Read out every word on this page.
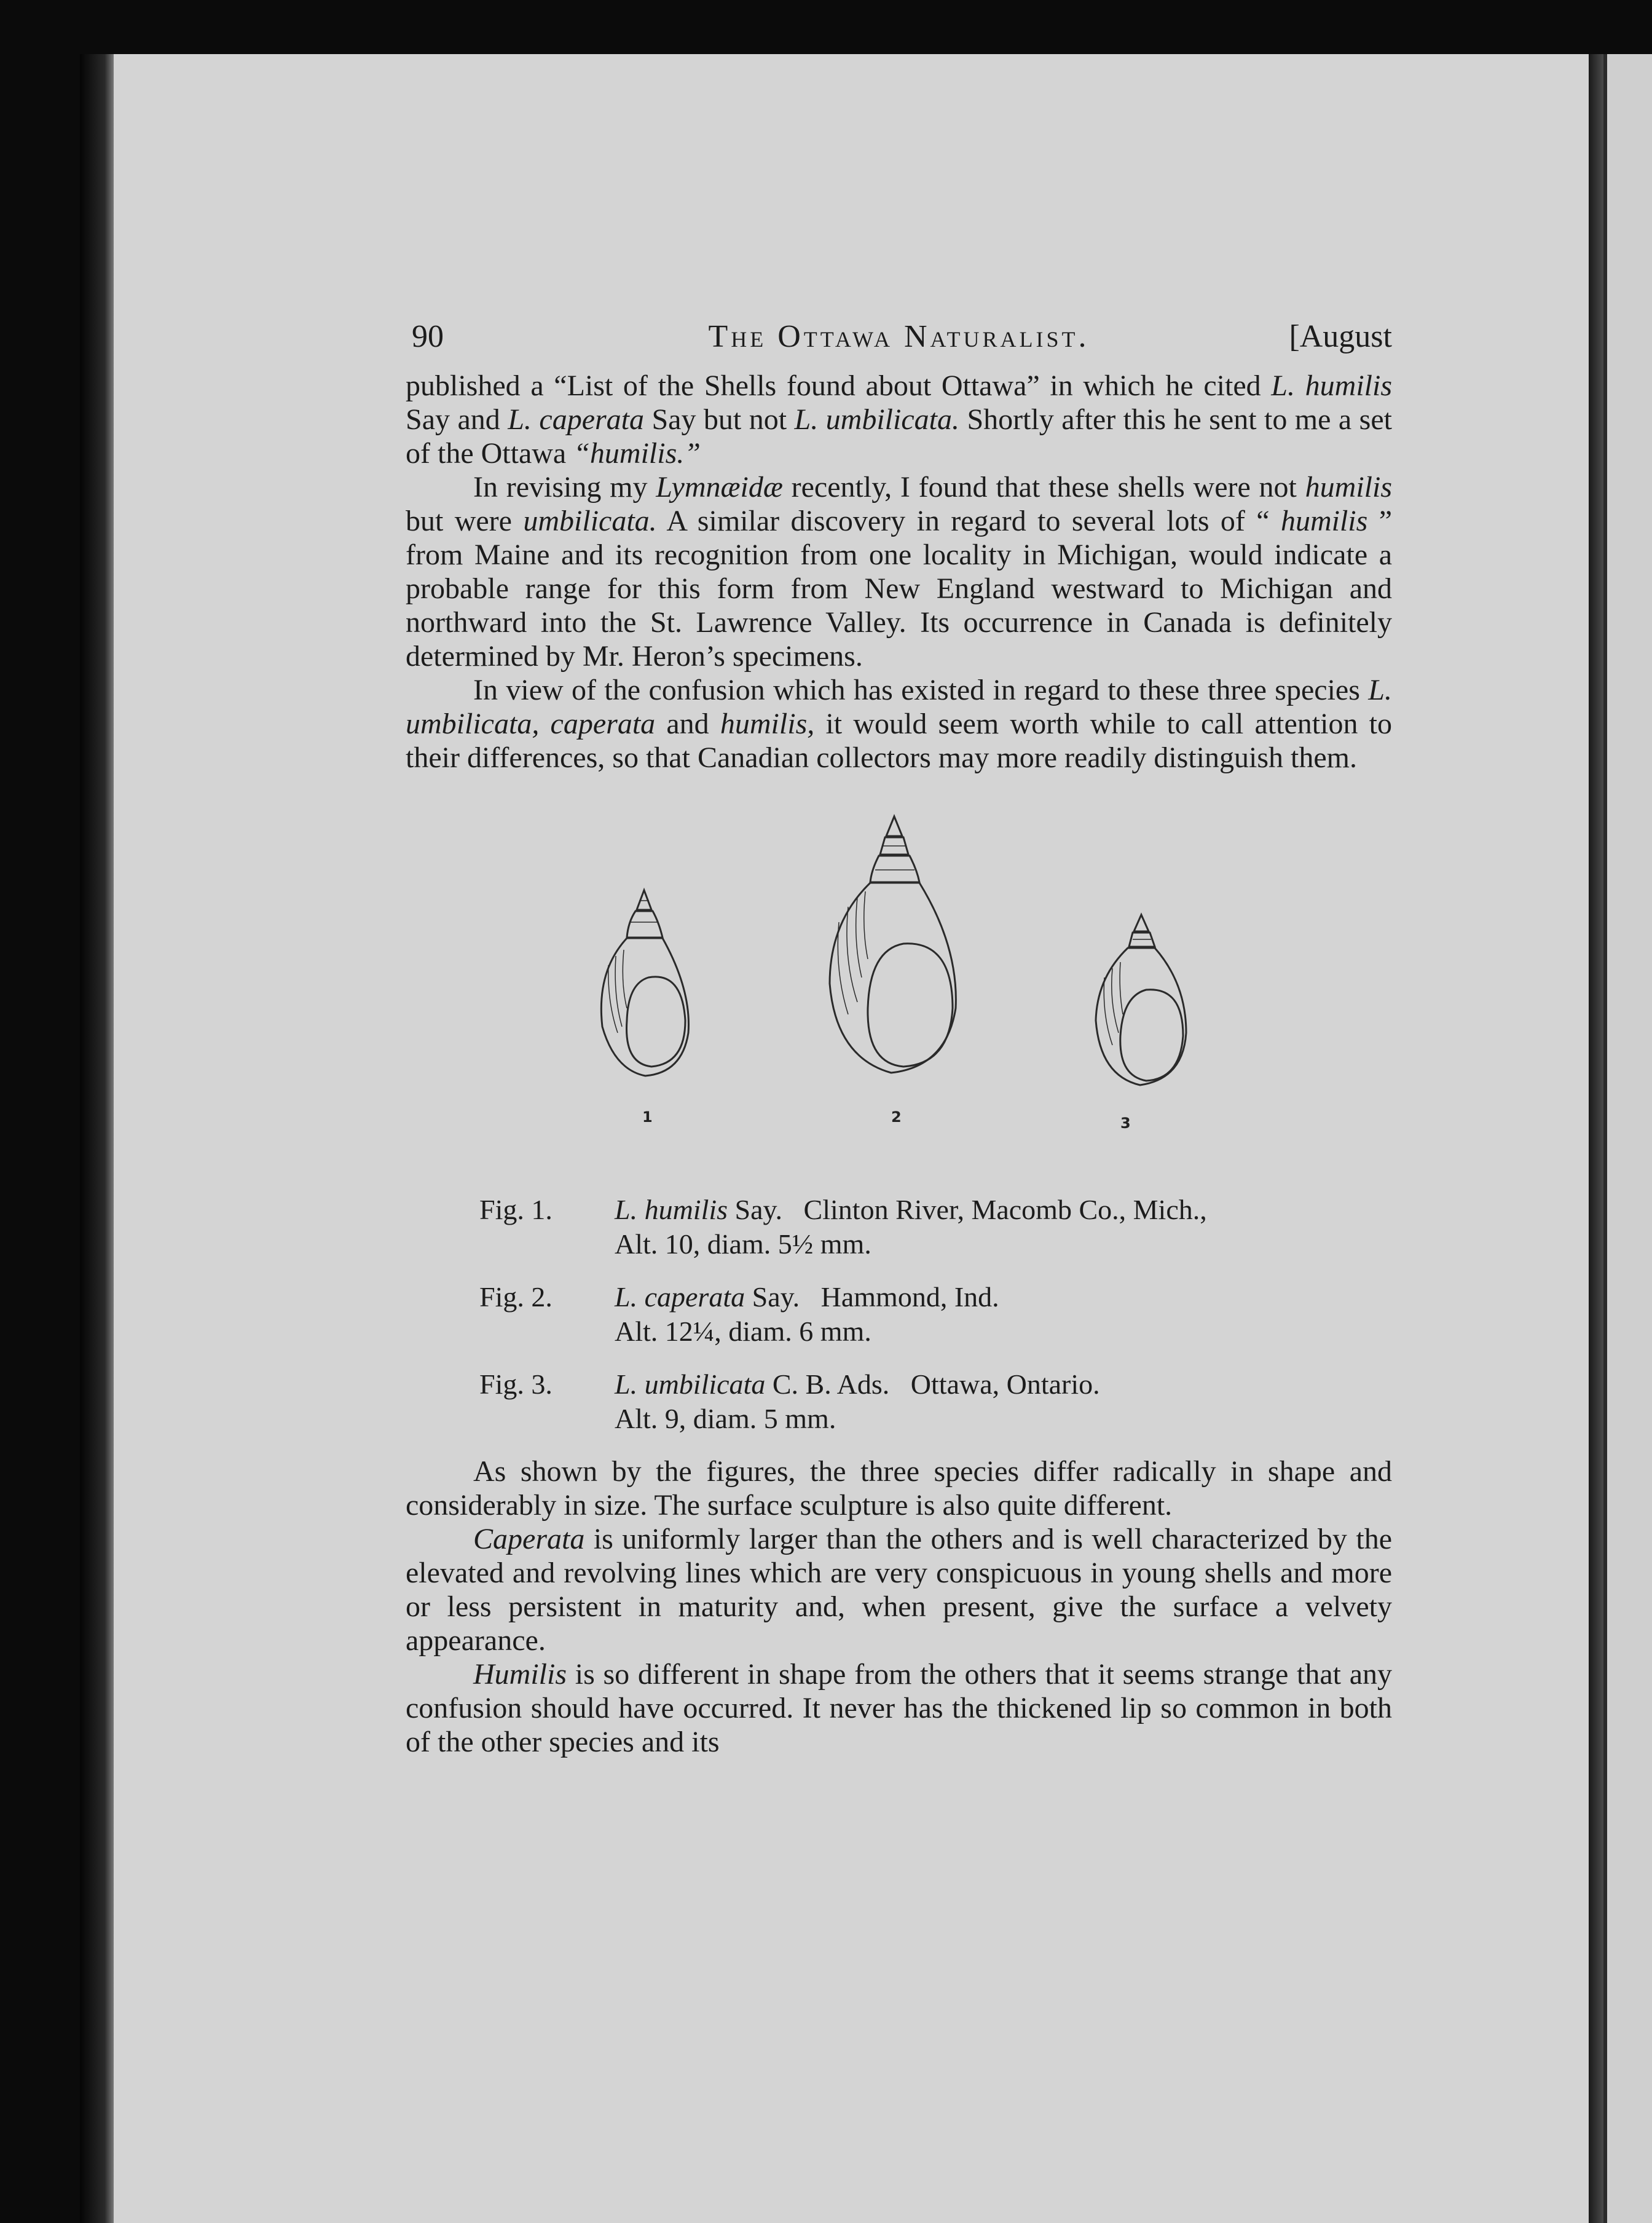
90	The Ottawa Naturalist.	[August

published a “List of the Shells found about Ottawa” in which he cited L. humilis Say and L. caperata Say but not L. umbilicata. Shortly after this he sent to me a set of the Ottawa “humilis.”

In revising my Lymnæidæ recently, I found that these shells were not humilis but were umbilicata. A similar discovery in regard to several lots of “ humilis ” from Maine and its recognition from one locality in Michigan, would indicate a probable range for this form from New England westward to Michigan and northward into the St. Lawrence Valley. Its occurrence in Canada is definitely determined by Mr. Heron’s specimens.

In view of the confusion which has existed in regard to these three species L. umbilicata, caperata and humilis, it would seem worth while to call attention to their differences, so that Canadian collectors may more readily distinguish them.

1	2	3
Fig. 1.	L. humilis Say.   Clinton River, Macomb Co., Mich.,
Alt. 10, diam. 5½ mm.
Fig. 2.	L. caperata Say.   Hammond, Ind.
Alt. 12¼, diam. 6 mm.
Fig. 3.	L. umbilicata C. B. Ads.   Ottawa, Ontario.
Alt. 9, diam. 5 mm.

As shown by the figures, the three species differ radically in shape and considerably in size. The surface sculpture is also quite different.

Caperata is uniformly larger than the others and is well characterized by the elevated and revolving lines which are very conspicuous in young shells and more or less persistent in maturity and, when present, give the surface a velvety appearance.

Humilis is so different in shape from the others that it seems strange that any confusion should have occurred. It never has the thickened lip so common in both of the other species and its
